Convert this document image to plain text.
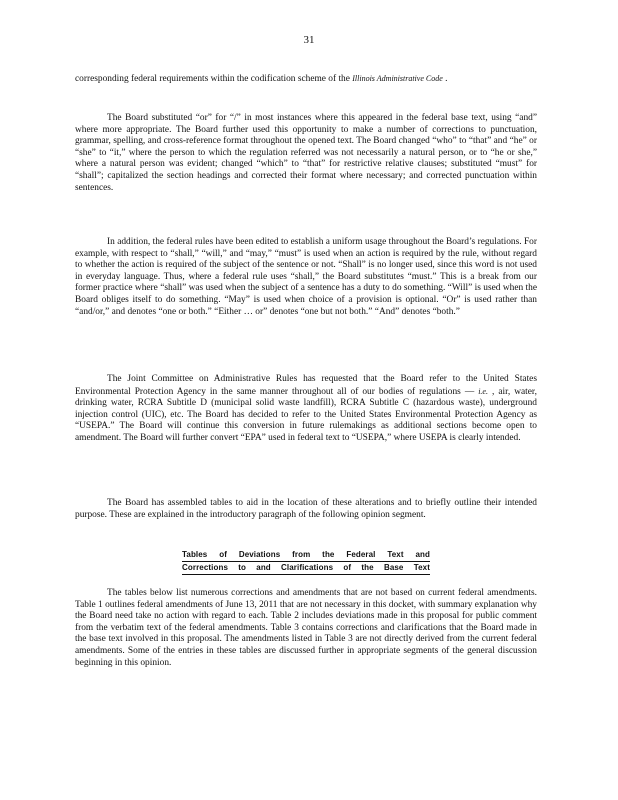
31

corresponding federal requirements within the codification scheme of the Illinois Administrative Code .

The Board substituted “or” for “/” in most instances where this appeared in the federal base text, using “and” where more appropriate. The Board further used this opportunity to make a number of corrections to punctuation, grammar, spelling, and cross-reference format throughout the opened text. The Board changed “who” to “that” and “he” or “she” to “it,” where the person to which the regulation referred was not necessarily a natural person, or to “he or she,” where a natural person was evident; changed “which” to “that” for restrictive relative clauses; substituted “must” for “shall”; capitalized the section headings and corrected their format where necessary; and corrected punctuation within sentences.

In addition, the federal rules have been edited to establish a uniform usage throughout the Board’s regulations. For example, with respect to “shall,” “will,” and “may,” “must” is used when an action is required by the rule, without regard to whether the action is required of the subject of the sentence or not. “Shall” is no longer used, since this word is not used in everyday language. Thus, where a federal rule uses “shall,” the Board substitutes “must.” This is a break from our former practice where “shall” was used when the subject of a sentence has a duty to do something. “Will” is used when the Board obliges itself to do something. “May” is used when choice of a provision is optional. “Or” is used rather than “and/or,” and denotes “one or both.” “Either … or” denotes “one but not both.” “And” denotes “both.”

The Joint Committee on Administrative Rules has requested that the Board refer to the United States Environmental Protection Agency in the same manner throughout all of our bodies of regulations — i.e. , air, water, drinking water, RCRA Subtitle D (municipal solid waste landfill), RCRA Subtitle C (hazardous waste), underground injection control (UIC), etc. The Board has decided to refer to the United States Environmental Protection Agency as “USEPA.” The Board will continue this conversion in future rulemakings as additional sections become open to amendment. The Board will further convert “EPA” used in federal text to “USEPA,” where USEPA is clearly intended.

The Board has assembled tables to aid in the location of these alterations and to briefly outline their intended purpose. These are explained in the introductory paragraph of the following opinion segment.

Tables of Deviations from the Federal Text and
Corrections to and Clarifications of the Base Text

The tables below list numerous corrections and amendments that are not based on current federal amendments. Table 1 outlines federal amendments of June 13, 2011 that are not necessary in this docket, with summary explanation why the Board need take no action with regard to each. Table 2 includes deviations made in this proposal for public comment from the verbatim text of the federal amendments. Table 3 contains corrections and clarifications that the Board made in the base text involved in this proposal. The amendments listed in Table 3 are not directly derived from the current federal amendments. Some of the entries in these tables are discussed further in appropriate segments of the general discussion beginning in this opinion.
